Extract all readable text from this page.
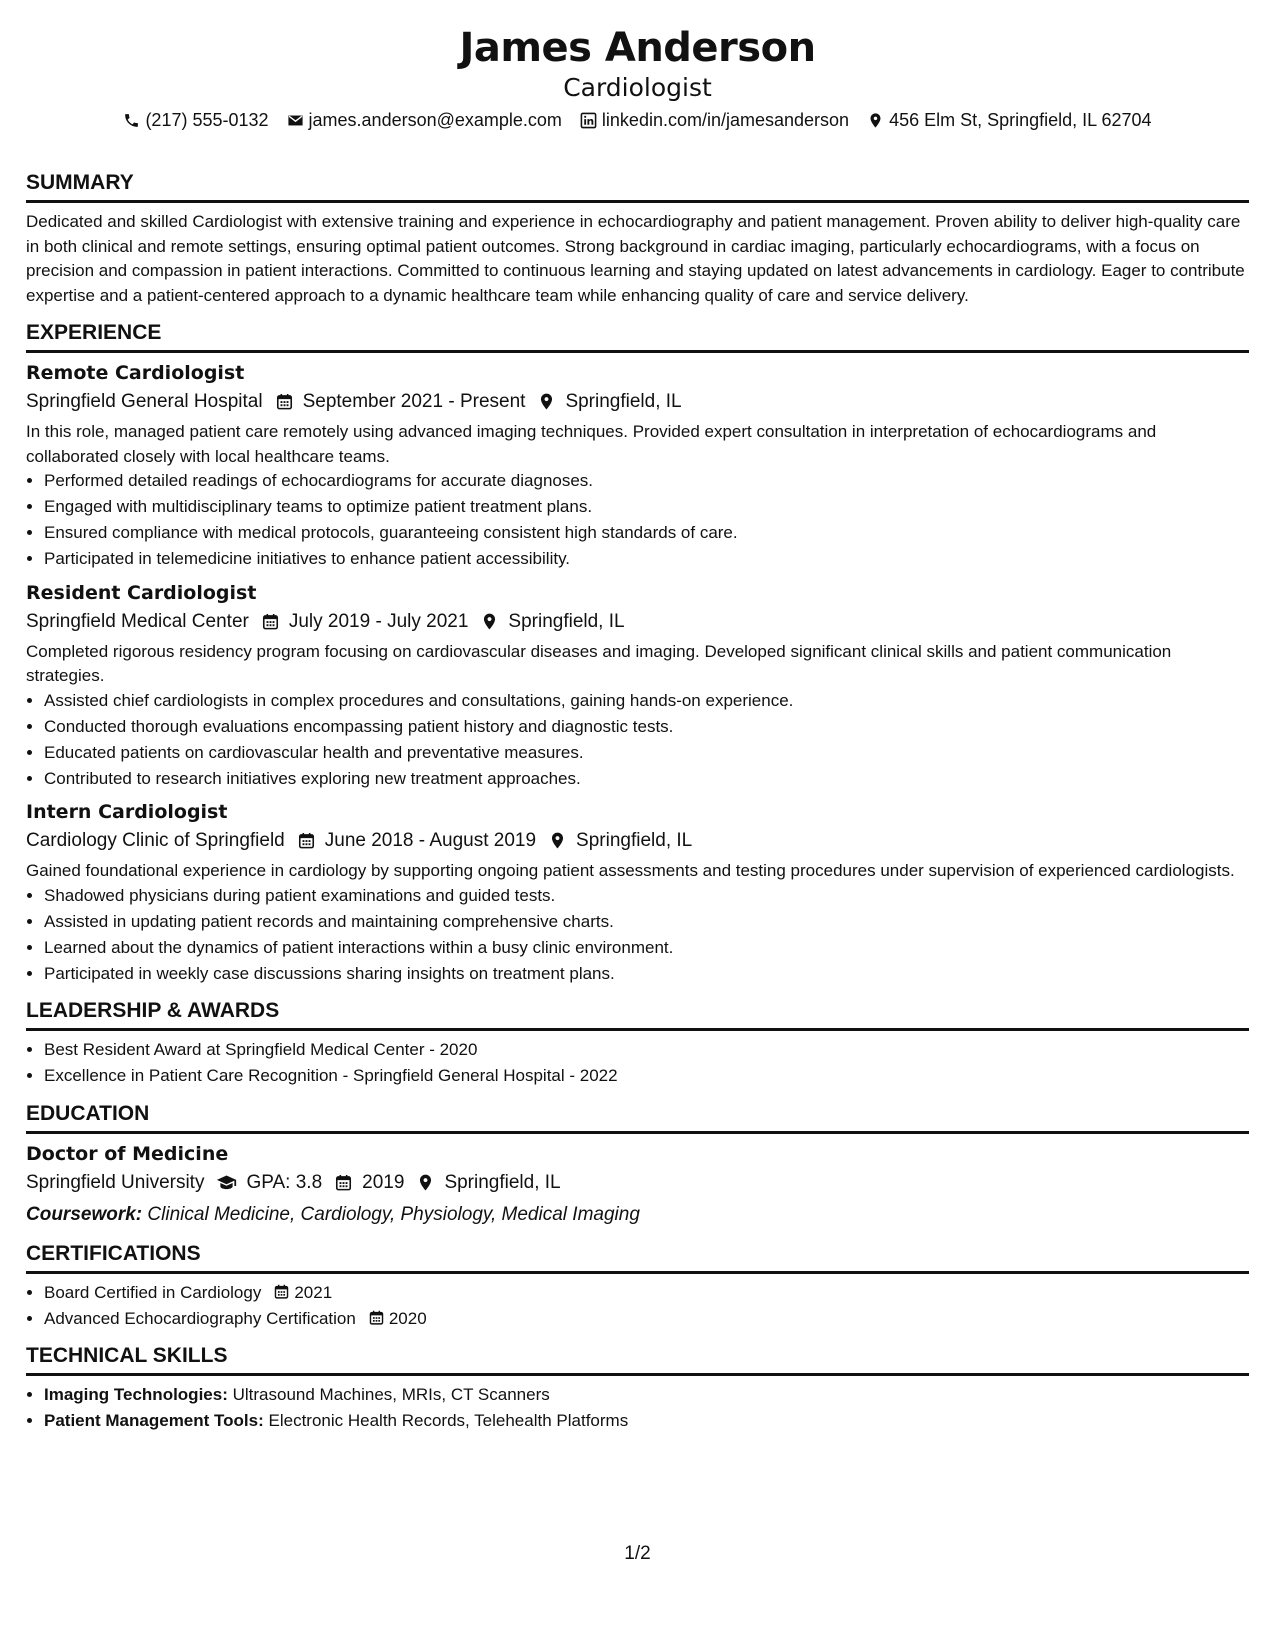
James Anderson
Cardiologist
(217) 555-0132 james.anderson@example.com linkedin.com/in/jamesanderson 456 Elm St, Springfield, IL 62704
SUMMARY

Dedicated and skilled Cardiologist with extensive training and experience in echocardiography and patient management. Proven ability to deliver high-quality care in both clinical and remote settings, ensuring optimal patient outcomes. Strong background in cardiac imaging, particularly echocardiograms, with a focus on precision and compassion in patient interactions. Committed to continuous learning and staying updated on latest advancements in cardiology. Eager to contribute expertise and a patient-centered approach to a dynamic healthcare team while enhancing quality of care and service delivery.

EXPERIENCE
Remote Cardiologist
Springfield General Hospital September 2021 - Present Springfield, IL

In this role, managed patient care remotely using advanced imaging techniques. Provided expert consultation in interpretation of echocardiograms and collaborated closely with local healthcare teams.

• Performed detailed readings of echocardiograms for accurate diagnoses.
• Engaged with multidisciplinary teams to optimize patient treatment plans.
• Ensured compliance with medical protocols, guaranteeing consistent high standards of care.
• Participated in telemedicine initiatives to enhance patient accessibility.
Resident Cardiologist
Springfield Medical Center July 2019 - July 2021 Springfield, IL

Completed rigorous residency program focusing on cardiovascular diseases and imaging. Developed significant clinical skills and patient communication strategies.

• Assisted chief cardiologists in complex procedures and consultations, gaining hands-on experience.
• Conducted thorough evaluations encompassing patient history and diagnostic tests.
• Educated patients on cardiovascular health and preventative measures.
• Contributed to research initiatives exploring new treatment approaches.
Intern Cardiologist
Cardiology Clinic of Springfield June 2018 - August 2019 Springfield, IL

Gained foundational experience in cardiology by supporting ongoing patient assessments and testing procedures under supervision of experienced cardiologists.

• Shadowed physicians during patient examinations and guided tests.
• Assisted in updating patient records and maintaining comprehensive charts.
• Learned about the dynamics of patient interactions within a busy clinic environment.
• Participated in weekly case discussions sharing insights on treatment plans.
LEADERSHIP & AWARDS
• Best Resident Award at Springfield Medical Center - 2020
• Excellence in Patient Care Recognition - Springfield General Hospital - 2022
EDUCATION
Doctor of Medicine
Springfield University GPA: 3.8 2019 Springfield, IL
Coursework: Clinical Medicine, Cardiology, Physiology, Medical Imaging
CERTIFICATIONS
• Board Certified in Cardiology 2021
• Advanced Echocardiography Certification 2020
TECHNICAL SKILLS
• Imaging Technologies: Ultrasound Machines, MRIs, CT Scanners
• Patient Management Tools: Electronic Health Records, Telehealth Platforms
1/2
